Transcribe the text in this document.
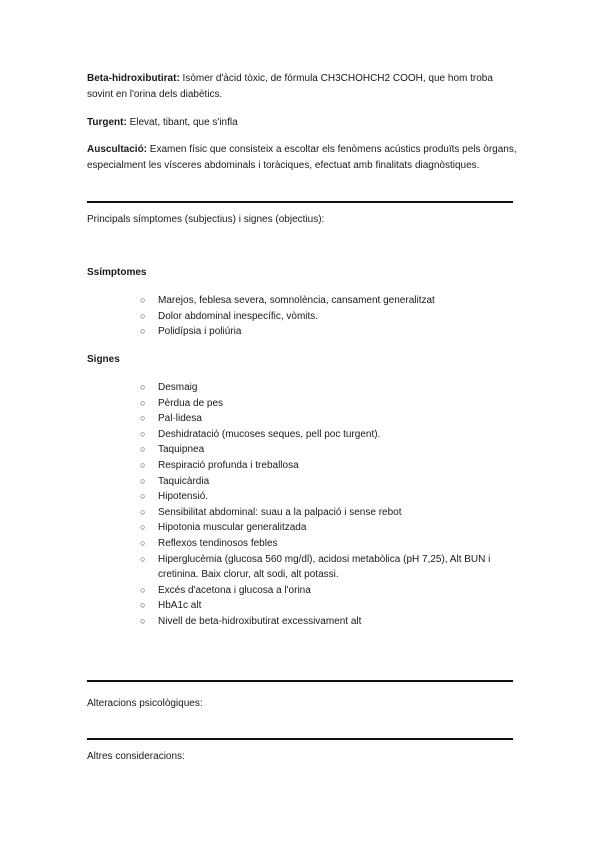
Beta-hidroxibutirat: Isòmer d'àcid tòxic, de fórmula CH3CHOHCH2 COOH, que hom troba sovint en l'orina dels diabètics.
Turgent: Elevat, tibant, que s'infla
Auscultació: Examen físic que consisteix a escoltar els fenòmens acústics produïts pels òrgans, especialment les vísceres abdominals i toràciques, efectuat amb finalitats diagnòstiques.
Principals símptomes (subjectius) i signes (objectius):
Ssímptomes
○ Marejos, feblesa severa, somnolència, cansament generalitzat
○ Dolor abdominal inespecífic, vòmits.
○ Polidípsia i poliúria
Signes
○ Desmaig
○ Pèrdua de pes
○ Pal·lidesa
○ Deshidratació (mucoses seques, pell poc turgent).
○ Taquipnea
○ Respiració profunda i treballosa
○ Taquicàrdia
○ Hipotensió.
○ Sensibilitat abdominal: suau a la palpació i sense rebot
○ Hipotonia muscular generalitzada
○ Reflexos tendinosos febles
○ Hiperglucèmia (glucosa 560 mg/dl), acidosi metabòlica (pH 7,25), Alt BUN i cretinina. Baix clorur, alt sodi, alt potassi.
○ Excés d'acetona i glucosa a l'orina
○ HbA1c alt
○ Nivell de beta-hidroxibutirat excessivament alt
Alteracions psicològiques:
Altres consideracions:
